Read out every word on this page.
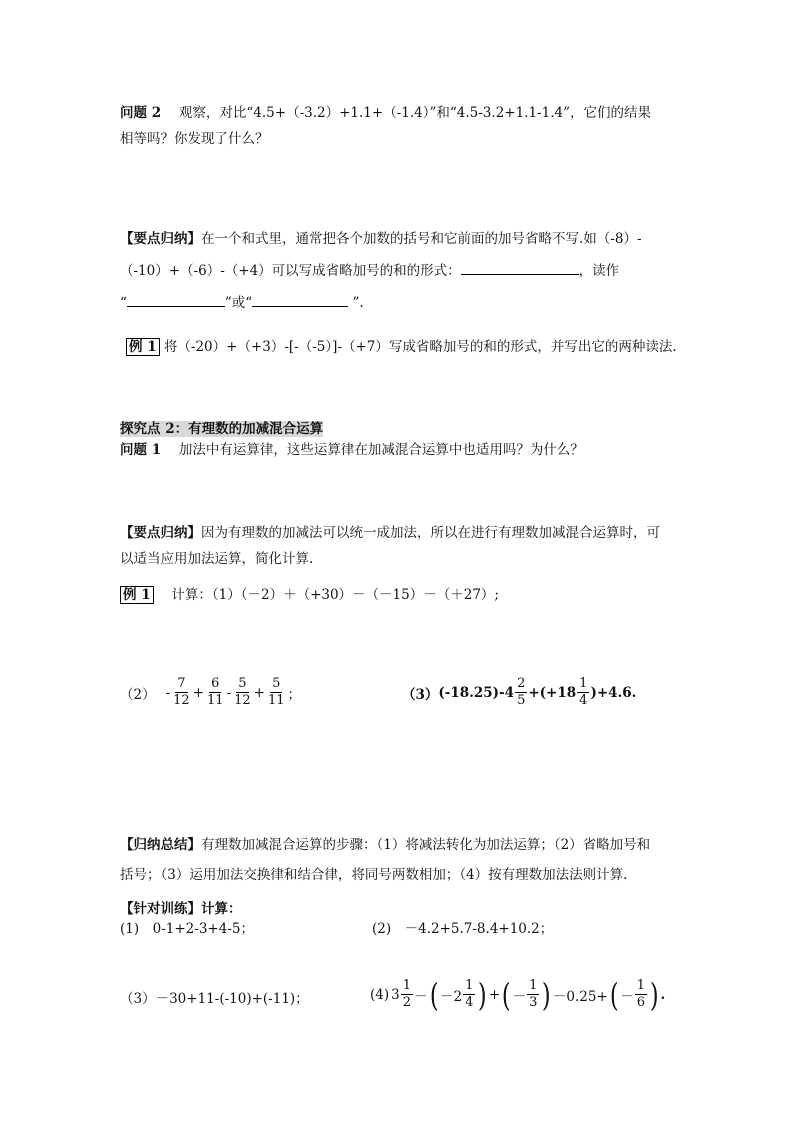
问题 2　 观察，对比“4.5+（-3.2）+1.1+（-1.4）”和“4.5-3.2+1.1-1.4”，它们的结果
相等吗？你发现了什么？
【要点归纳】在一个和式里，通常把各个加数的括号和它前面的加号省略不写.如（-8）-
（-10）+（-6）-（+4）可以写成省略加号的和的形式：	，读作
“	”或“	”.
例 1 将（-20）+（+3）-[-（-5）]-（+7）写成省略加号的和的形式，并写出它的两种读法.
探究点 2：有理数的加减混合运算
问题 1　 加法中有运算律，这些运算律在加减混合运算中也适用吗？为什么？
【要点归纳】因为有理数的加减法可以统一成加法，所以在进行有理数加减混合运算时，可
以适当应用加法运算，简化计算.
例 1　 计算：（1）（－2）＋（+30）－（－15）－（＋27）;
$(2) - \frac{7}{12} + \frac{6}{11} - \frac{5}{12} + \frac{5}{11}$ ；	（3） $(-18.25)-4 \frac{2}{5} +(+18 \frac{1}{4} )+4.6$.
【归纳总结】有理数加减混合运算的步骤：（1）将减法转化为加法运算；（2）省略加号和
括号；（3）运用加法交换律和结合律，将同号两数相加；（4）按有理数加法法则计算.
【针对训练】计算：
(1)　0-1+2-3+4-5；	(2)　－4.2+5.7-8.4+10.2；
（3）－30+11-(-10)+(-11)；	(4) $3 \frac{1}{2}$ － ( $-2 \frac{1}{4}$ ) + ( － $\frac{1}{3}$ ) －0.25+ ( － $\frac{1}{6}$ ) .
